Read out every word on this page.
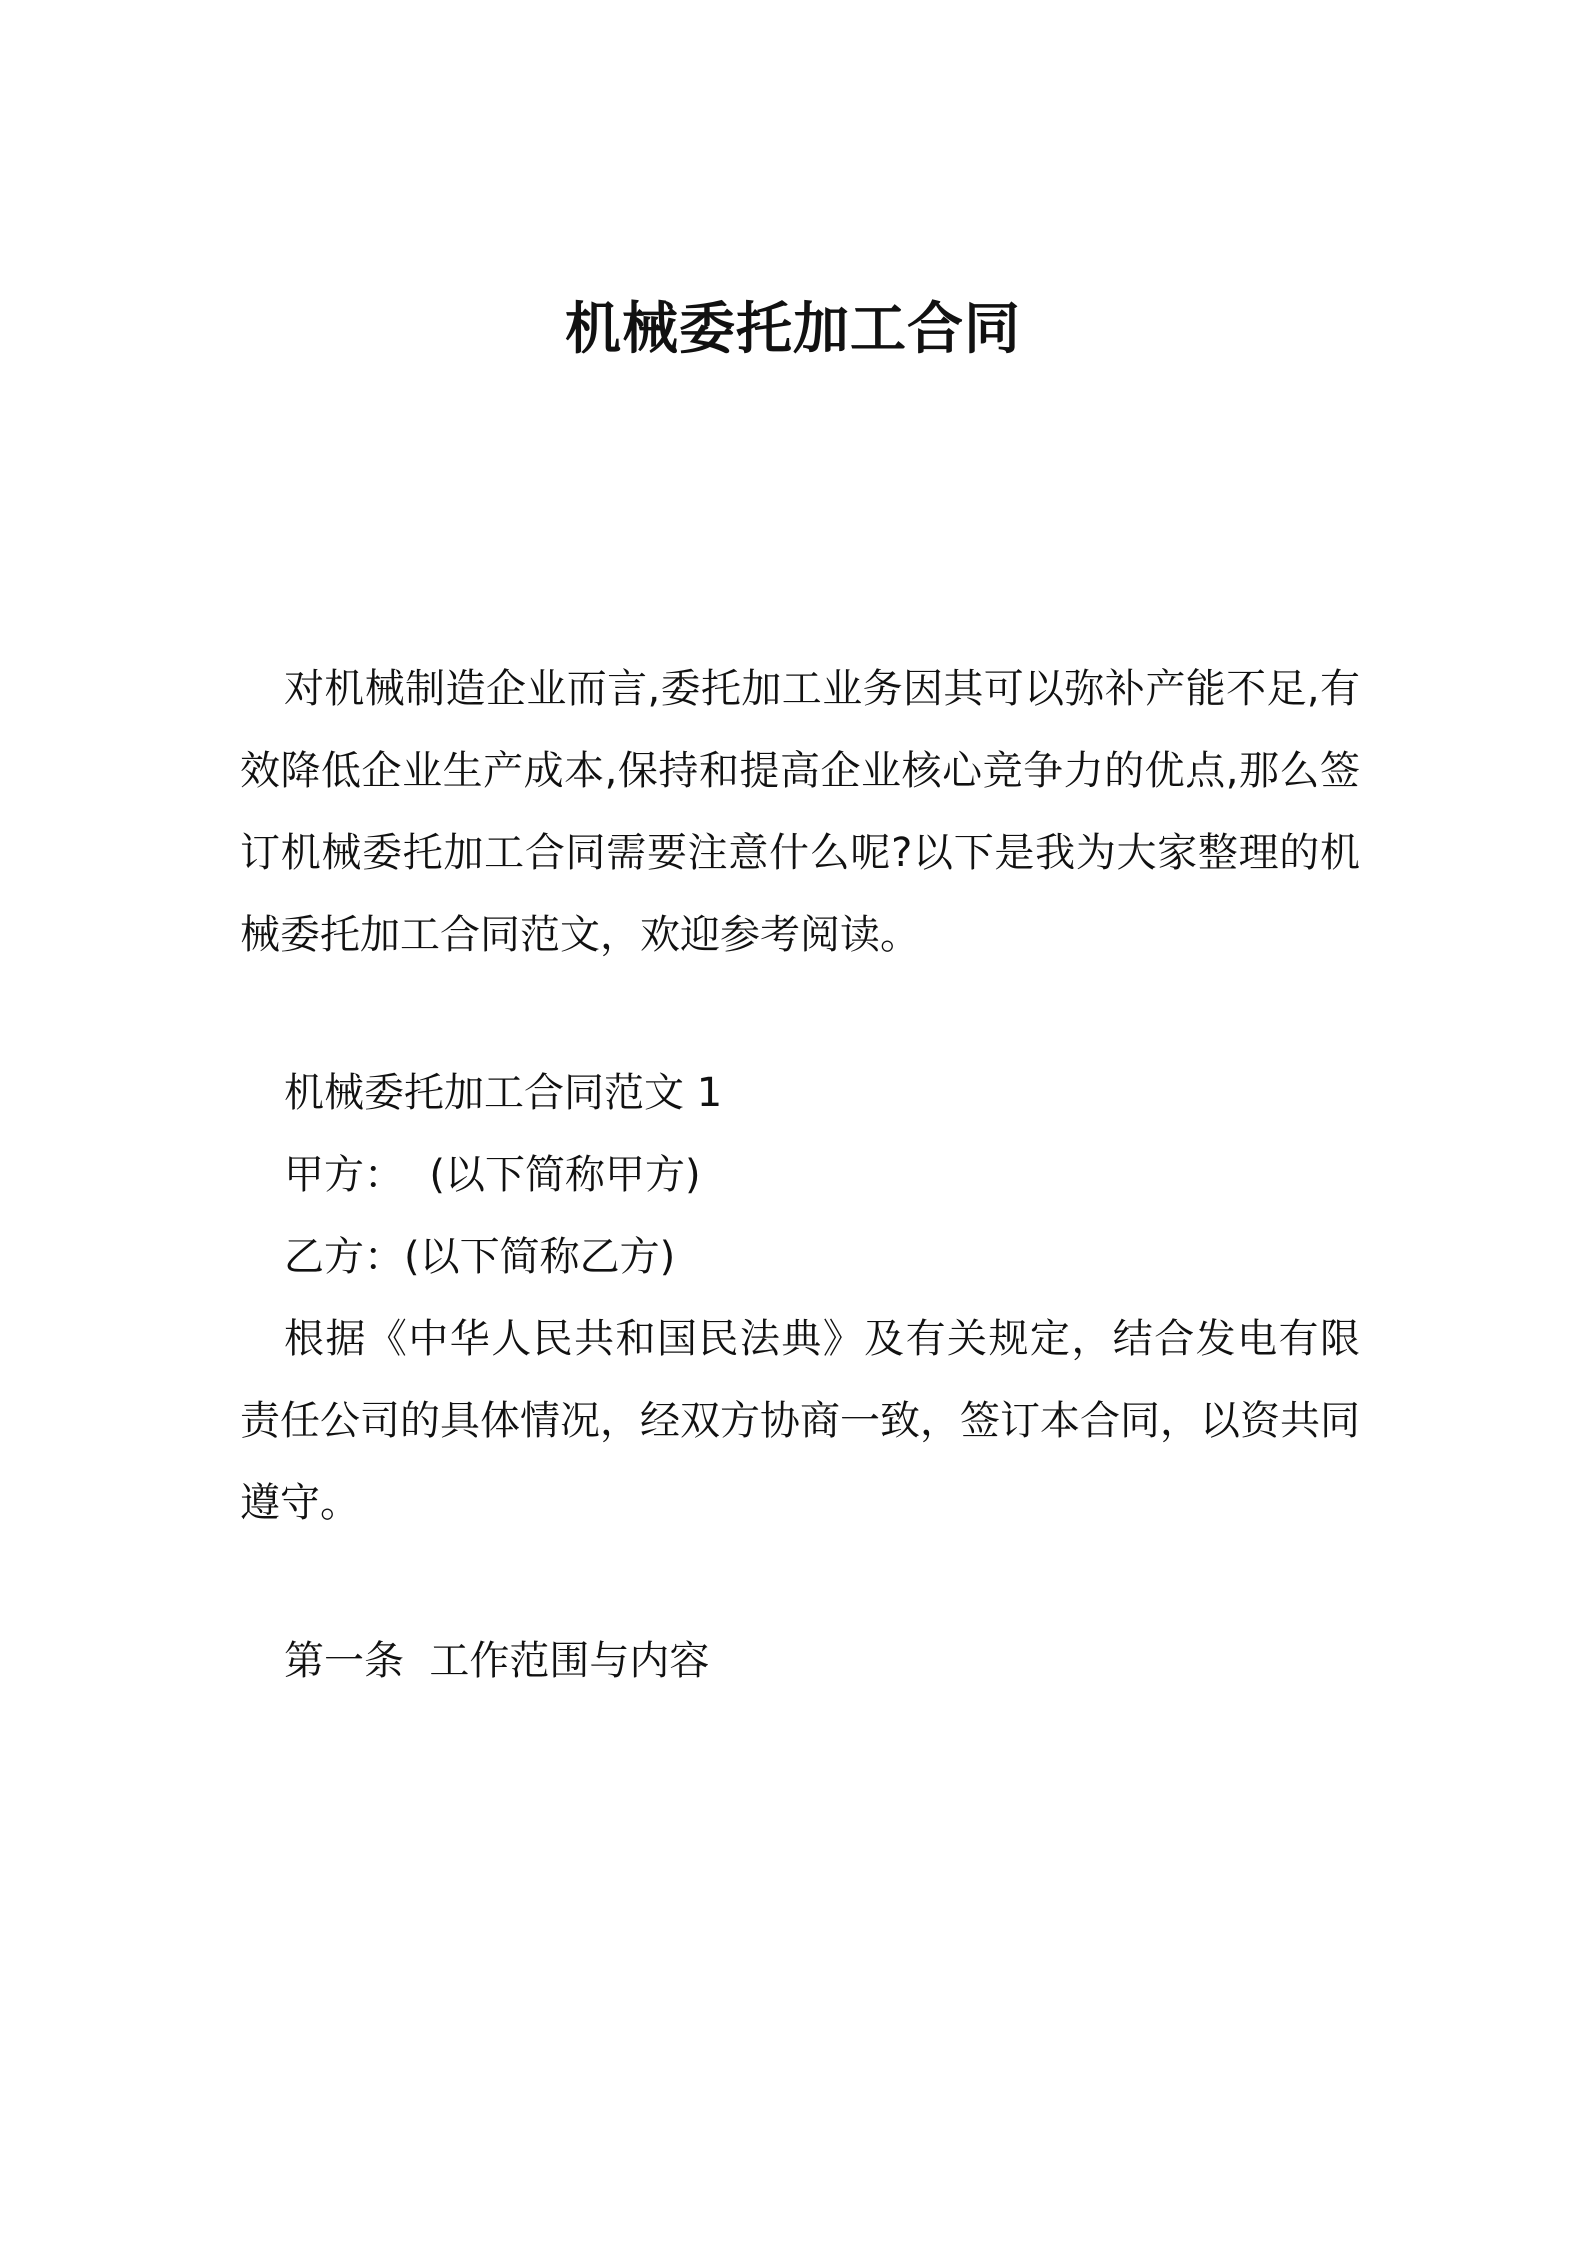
机械委托加工合同

对机械制造企业而言,委托加工业务因其可以弥补产能不足,有效降低企业生产成本,保持和提高企业核心竞争力的优点,那么签订机械委托加工合同需要注意什么呢?以下是我为大家整理的机械委托加工合同范文，欢迎参考阅读。

机械委托加工合同范文 1

甲方：  (以下简称甲方)

乙方：(以下简称乙方)

根据《中华人民共和国民法典》及有关规定，结合发电有限责任公司的具体情况，经双方协商一致，签订本合同，以资共同遵守。

第一条  工作范围与内容
